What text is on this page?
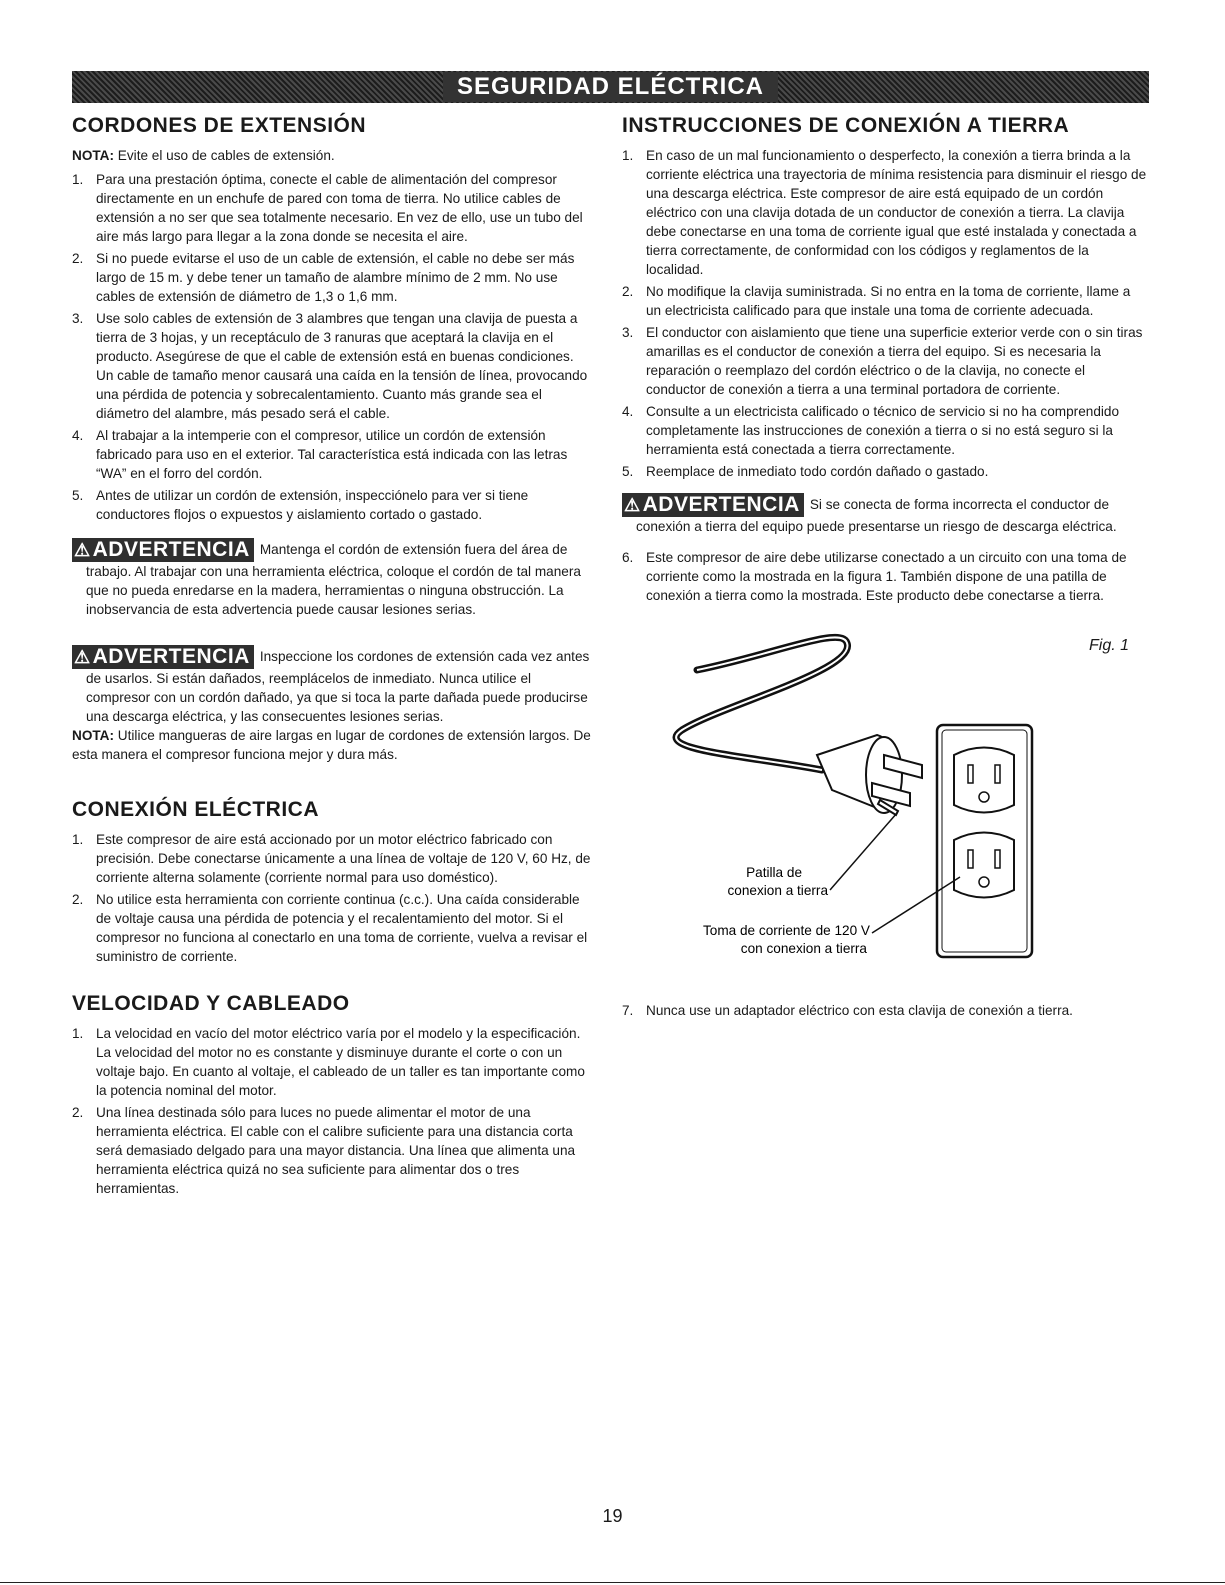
SEGURIDAD ELÉCTRICA
CORDONES DE EXTENSIÓN

NOTA: Evite el uso de cables de extensión.

1. Para una prestación óptima, conecte el cable de alimentación del compresor directamente en un enchufe de pared con toma de tierra. No utilice cables de extensión a no ser que sea totalmente necesario. En vez de ello, use un tubo del aire más largo para llegar a la zona donde se necesita el aire.
2. Si no puede evitarse el uso de un cable de extensión, el cable no debe ser más largo de 15 m. y debe tener un tamaño de alambre mínimo de 2 mm. No use cables de extensión de diámetro de 1,3 o 1,6 mm.
3. Use solo cables de extensión de 3 alambres que tengan una clavija de puesta a tierra de 3 hojas, y un receptáculo de 3 ranuras que aceptará la clavija en el producto. Asegúrese de que el cable de extensión está en buenas condiciones. Un cable de tamaño menor causará una caída en la tensión de línea, provocando una pérdida de potencia y sobrecalentamiento. Cuanto más grande sea el diámetro del alambre, más pesado será el cable.
4. Al trabajar a la intemperie con el compresor, utilice un cordón de extensión fabricado para uso en el exterior. Tal característica está indicada con las letras “WA” en el forro del cordón.
5. Antes de utilizar un cordón de extensión, inspecciónelo para ver si tiene conductores flojos o expuestos y aislamiento cortado o gastado.
⚠ADVERTENCIA Mantenga el cordón de extensión fuera del área de trabajo. Al trabajar con una herramienta eléctrica, coloque el cordón de tal manera que no pueda enredarse en la madera, herramientas o ninguna obstrucción. La inobservancia de esta advertencia puede causar lesiones serias.
⚠ADVERTENCIA Inspeccione los cordones de extensión cada vez antes de usarlos. Si están dañados, reemplácelos de inmediato. Nunca utilice el compresor con un cordón dañado, ya que si toca la parte dañada puede producirse una descarga eléctrica, y las consecuentes lesiones serias.

NOTA: Utilice mangueras de aire largas en lugar de cordones de extensión largos. De esta manera el compresor funciona mejor y dura más.

CONEXIÓN ELÉCTRICA
1. Este compresor de aire está accionado por un motor eléctrico fabricado con precisión. Debe conectarse únicamente a una línea de voltaje de 120 V, 60 Hz, de corriente alterna solamente (corriente normal para uso doméstico).
2. No utilice esta herramienta con corriente continua (c.c.). Una caída considerable de voltaje causa una pérdida de potencia y el recalentamiento del motor. Si el compresor no funciona al conectarlo en una toma de corriente, vuelva a revisar el suministro de corriente.
VELOCIDAD Y CABLEADO
1. La velocidad en vacío del motor eléctrico varía por el modelo y la especificación. La velocidad del motor no es constante y disminuye durante el corte o con un voltaje bajo. En cuanto al voltaje, el cableado de un taller es tan importante como la potencia nominal del motor.
2. Una línea destinada sólo para luces no puede alimentar el motor de una herramienta eléctrica. El cable con el calibre suficiente para una distancia corta será demasiado delgado para una mayor distancia. Una línea que alimenta una herramienta eléctrica quizá no sea suficiente para alimentar dos o tres herramientas.
INSTRUCCIONES DE CONEXIÓN A TIERRA
1. En caso de un mal funcionamiento o desperfecto, la conexión a tierra brinda a la corriente eléctrica una trayectoria de mínima resistencia para disminuir el riesgo de una descarga eléctrica. Este compresor de aire está equipado de un cordón eléctrico con una clavija dotada de un conductor de conexión a tierra. La clavija debe conectarse en una toma de corriente igual que esté instalada y conectada a tierra correctamente, de conformidad con los códigos y reglamentos de la localidad.
2. No modifique la clavija suministrada. Si no entra en la toma de corriente, llame a un electricista calificado para que instale una toma de corriente adecuada.
3. El conductor con aislamiento que tiene una superficie exterior verde con o sin tiras amarillas es el conductor de conexión a tierra del equipo. Si es necesaria la reparación o reemplazo del cordón eléctrico o de la clavija, no conecte el conductor de conexión a tierra a una terminal portadora de corriente.
4. Consulte a un electricista calificado o técnico de servicio si no ha comprendido completamente las instrucciones de conexión a tierra o si no está seguro si la herramienta está conectada a tierra correctamente.
5. Reemplace de inmediato todo cordón dañado o gastado.
⚠ADVERTENCIA Si se conecta de forma incorrecta el conductor de conexión a tierra del equipo puede presentarse un riesgo de descarga eléctrica.
6. Este compresor de aire debe utilizarse conectado a un circuito con una toma de corriente como la mostrada en la figura 1. También dispone de una patilla de conexión a tierra como la mostrada. Este producto debe conectarse a tierra.
Fig. 1
Patilla de
conexion a tierra
Toma de corriente de 120 V
con conexion a tierra
7. Nunca use un adaptador eléctrico con esta clavija de conexión a tierra.
19
